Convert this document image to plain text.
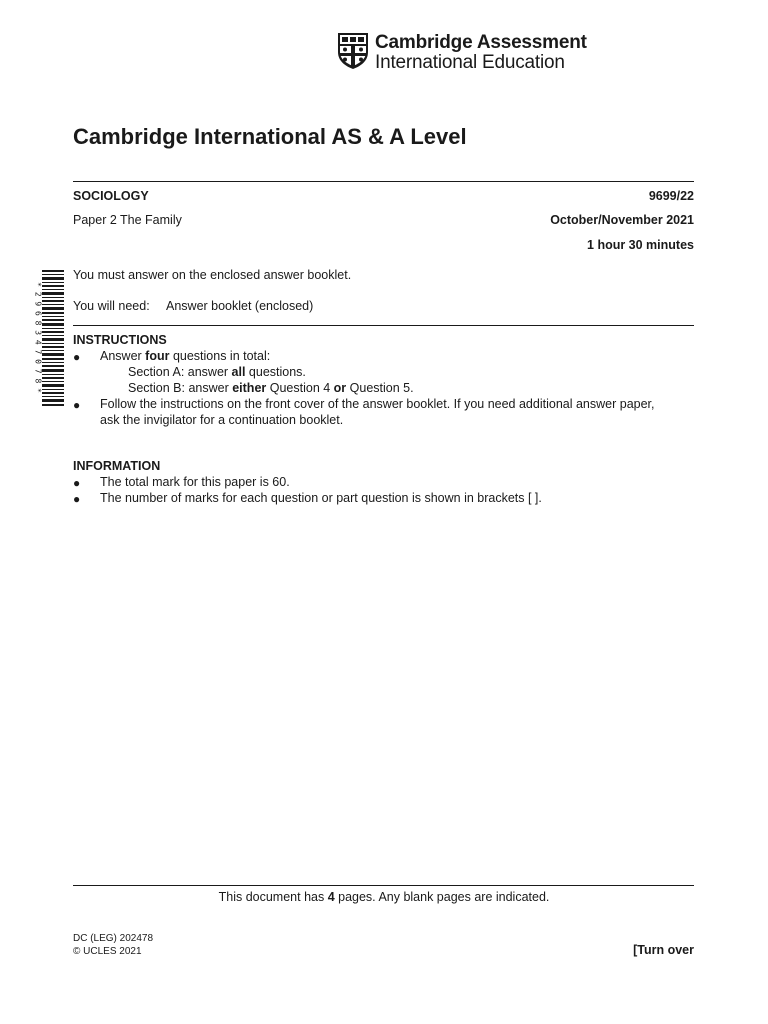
Cambridge Assessment
International Education
Cambridge International AS & A Level
SOCIOLOGY	9699/22
Paper 2 The Family	October/November 2021
1 hour 30 minutes
* 2 9 6 8 3 4 7 0 7 8 *
You must answer on the enclosed answer booklet.
You will need: Answer booklet (enclosed)
INSTRUCTIONS
● Answer four questions in total:
Section A: answer all questions.
Section B: answer either Question 4 or Question 5.
● Follow the instructions on the front cover of the answer booklet. If you need additional answer paper,
ask the invigilator for a continuation booklet.
INFORMATION
● The total mark for this paper is 60.
● The number of marks for each question or part question is shown in brackets [ ].
This document has 4 pages. Any blank pages are indicated.
DC (LEG) 202478
© UCLES 2021	[Turn over
